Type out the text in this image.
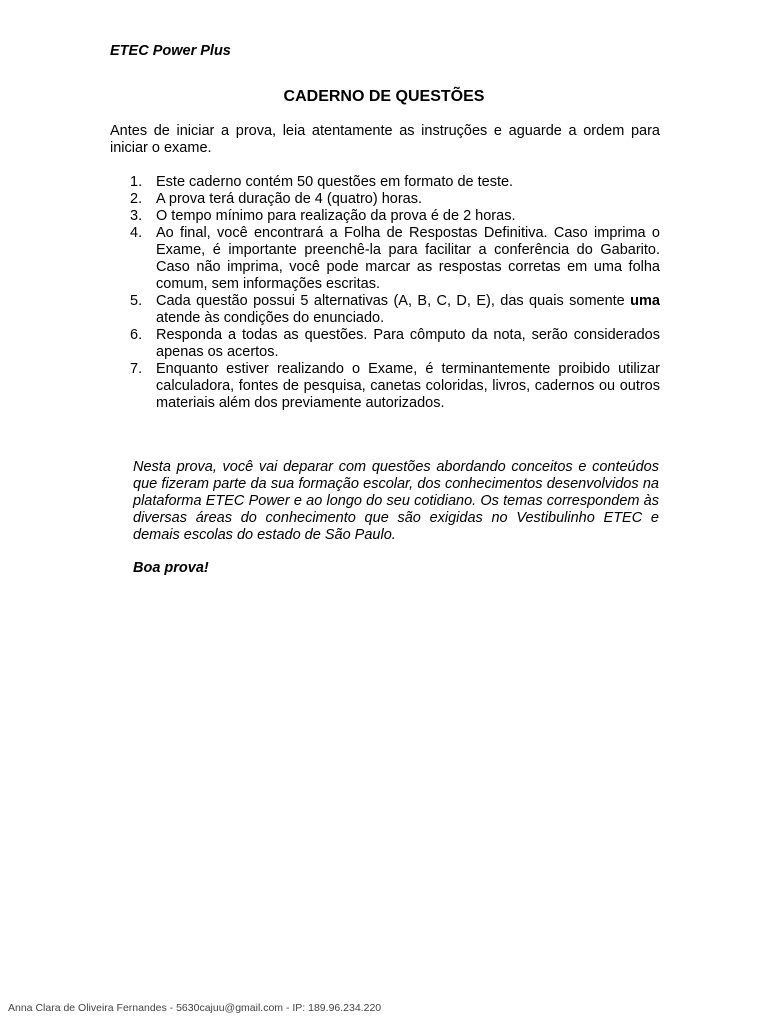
ETEC Power Plus
CADERNO DE QUESTÕES

Antes de iniciar a prova, leia atentamente as instruções e aguarde a ordem para iniciar o exame.

1. Este caderno contém 50 questões em formato de teste.
2. A prova terá duração de 4 (quatro) horas.
3. O tempo mínimo para realização da prova é de 2 horas.
4. Ao final, você encontrará a Folha de Respostas Definitiva. Caso imprima o Exame, é importante preenchê-la para facilitar a conferência do Gabarito. Caso não imprima, você pode marcar as respostas corretas em uma folha comum, sem informações escritas.
5. Cada questão possui 5 alternativas (A, B, C, D, E), das quais somente uma atende às condições do enunciado.
6. Responda a todas as questões. Para cômputo da nota, serão considerados apenas os acertos.
7. Enquanto estiver realizando o Exame, é terminantemente proibido utilizar calculadora, fontes de pesquisa, canetas coloridas, livros, cadernos ou outros materiais além dos previamente autorizados.

Nesta prova, você vai deparar com questões abordando conceitos e conteúdos que fizeram parte da sua formação escolar, dos conhecimentos desenvolvidos na plataforma ETEC Power e ao longo do seu cotidiano. Os temas correspondem às diversas áreas do conhecimento que são exigidas no Vestibulinho ETEC e demais escolas do estado de São Paulo.

Boa prova!
Anna Clara de Oliveira Fernandes - 5630cajuu@gmail.com - IP: 189.96.234.220
